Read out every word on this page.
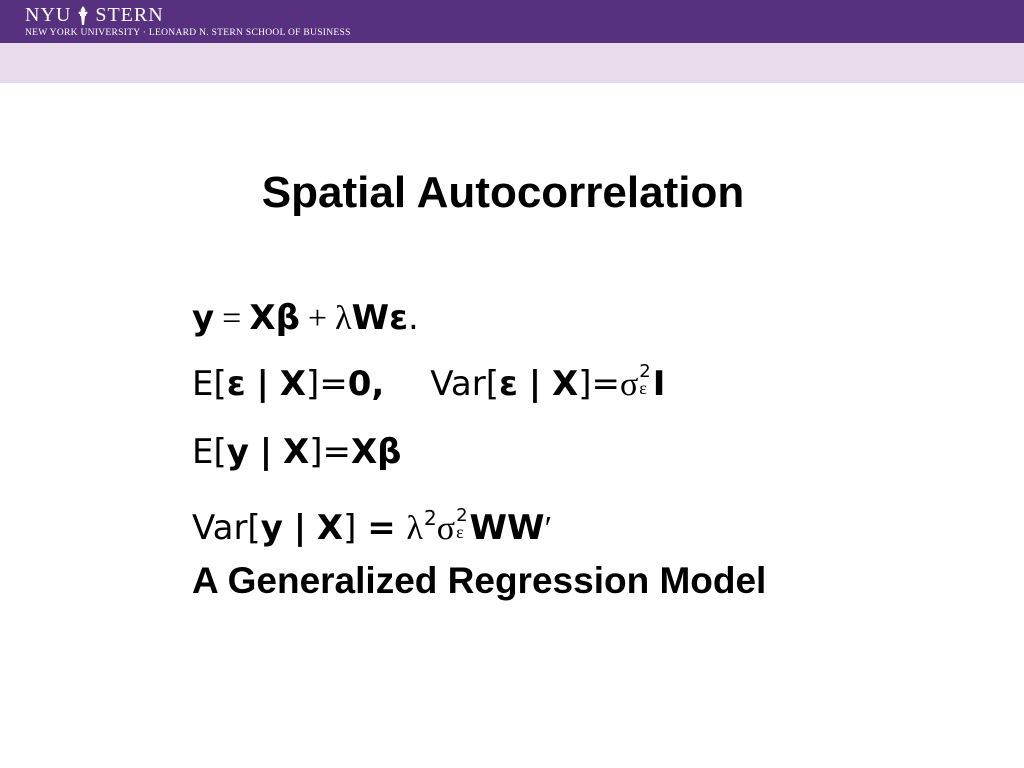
NYU STERN
NEW YORK UNIVERSITY · LEONARD N. STERN SCHOOL OF BUSINESS
Spatial Autocorrelation
y = Xβ + λWε.
E[ε | X]=0, Var[ε | X]=σ 2
ε I
E[y | X]=Xβ
Var[y | $X] = \lambda^2\sigma$ 2
ε WW′
A Generalized Regression Model
